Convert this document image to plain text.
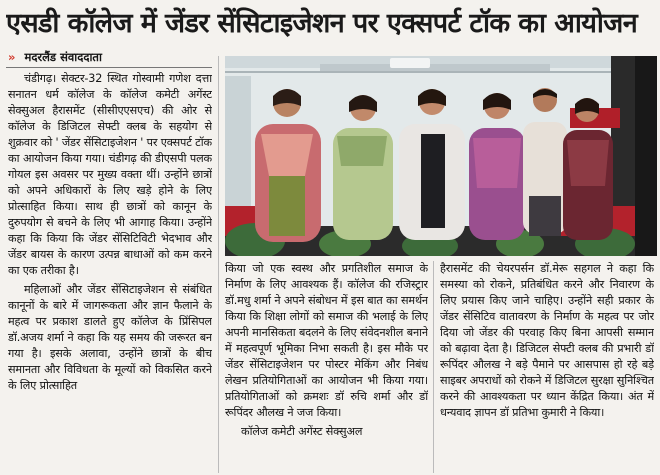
एसडी कॉलेज में जेंडर सेंसिटाइजेशन पर एक्सपर्ट टॉक का आयोजन
» मदरलैंड संवाददाता

चंडीगढ़। सेक्टर-32 स्थित गोस्वामी गणेश दत्ता सनातन धर्म कॉलेज के कॉलेज कमेटी अगेंस्ट सेक्सुअल हैरासमेंट (सीसीएएसएच) की ओर से कॉलेज के डिजिटल सेफ्टी क्लब के सहयोग से शुक्रवार को ' जेंडर सेंसिटाइजेशन ' पर एक्सपर्ट टॉक का आयोजन किया गया। चंडीगढ़ की डीएसपी पलक गोयल इस अवसर पर मुख्य वक्ता थीं। उन्होंने छात्रों को अपने अधिकारों के लिए खड़े होने के लिए प्रोत्साहित किया। साथ ही छात्रों को कानून के दुरुपयोग से बचने के लिए भी आगाह किया। उन्होंने कहा कि किया कि जेंडर सेंसिटिविटी भेदभाव और जेंडर बायस के कारण उत्पन्न बाधाओं को कम करने का एक तरीका है।

महिलाओं और जेंडर सेंसिटाइजेशन से संबंधित कानूनों के बारे में जागरूकता और ज्ञान फैलाने के महत्व पर प्रकाश डालते हुए कॉलेज के प्रिंसिपल डॉ.अजय शर्मा ने कहा कि यह समय की जरूरत बन गया है। इसके अलावा, उन्होंने छात्रों के बीच समानता और विविधता के मूल्यों को विकसित करने के लिए प्रोत्साहित

किया जो एक स्वस्थ और प्रगतिशील समाज के निर्माण के लिए आवश्यक हैं। कॉलेज की रजिस्ट्रार डॉ.मधु शर्मा ने अपने संबोधन में इस बात का समर्थन किया कि शिक्षा लोगों को समाज की भलाई के लिए अपनी मानसिकता बदलने के लिए संवेदनशील बनाने में महत्वपूर्ण भूमिका निभा सकती है। इस मौके पर जेंडर सेंसिटाइजेशन पर पोस्टर मेकिंग और निबंध लेखन प्रतियोगिताओं का आयोजन भी किया गया। प्रतियोगिताओं को क्रमशः डॉ रुचि शर्मा और डॉ रूपिंदर औलख ने जज किया।

कॉलेज कमेटी अगेंस्ट सेक्सुअल

हैरासमेंट की चेयरपर्सन डॉ.मेरू सहगल ने कहा कि समस्या को रोकने, प्रतिबंधित करने और निवारण के लिए प्रयास किए जाने चाहिए। उन्होंने सही प्रकार के जेंडर सेंसिटिव वातावरण के निर्माण के महत्व पर जोर दिया जो जेंडर की परवाह किए बिना आपसी सम्मान को बढ़ावा देता है। डिजिटल सेफ्टी क्लब की प्रभारी डॉ रूपिंदर औलख ने बड़े पैमाने पर आसपास हो रहे बड़े साइबर अपराधों को रोकने में डिजिटल सुरक्षा सुनिश्चित करने की आवश्यकता पर ध्यान केंद्रित किया। अंत में धन्यवाद ज्ञापन डॉ प्रतिभा कुमारी ने किया।
